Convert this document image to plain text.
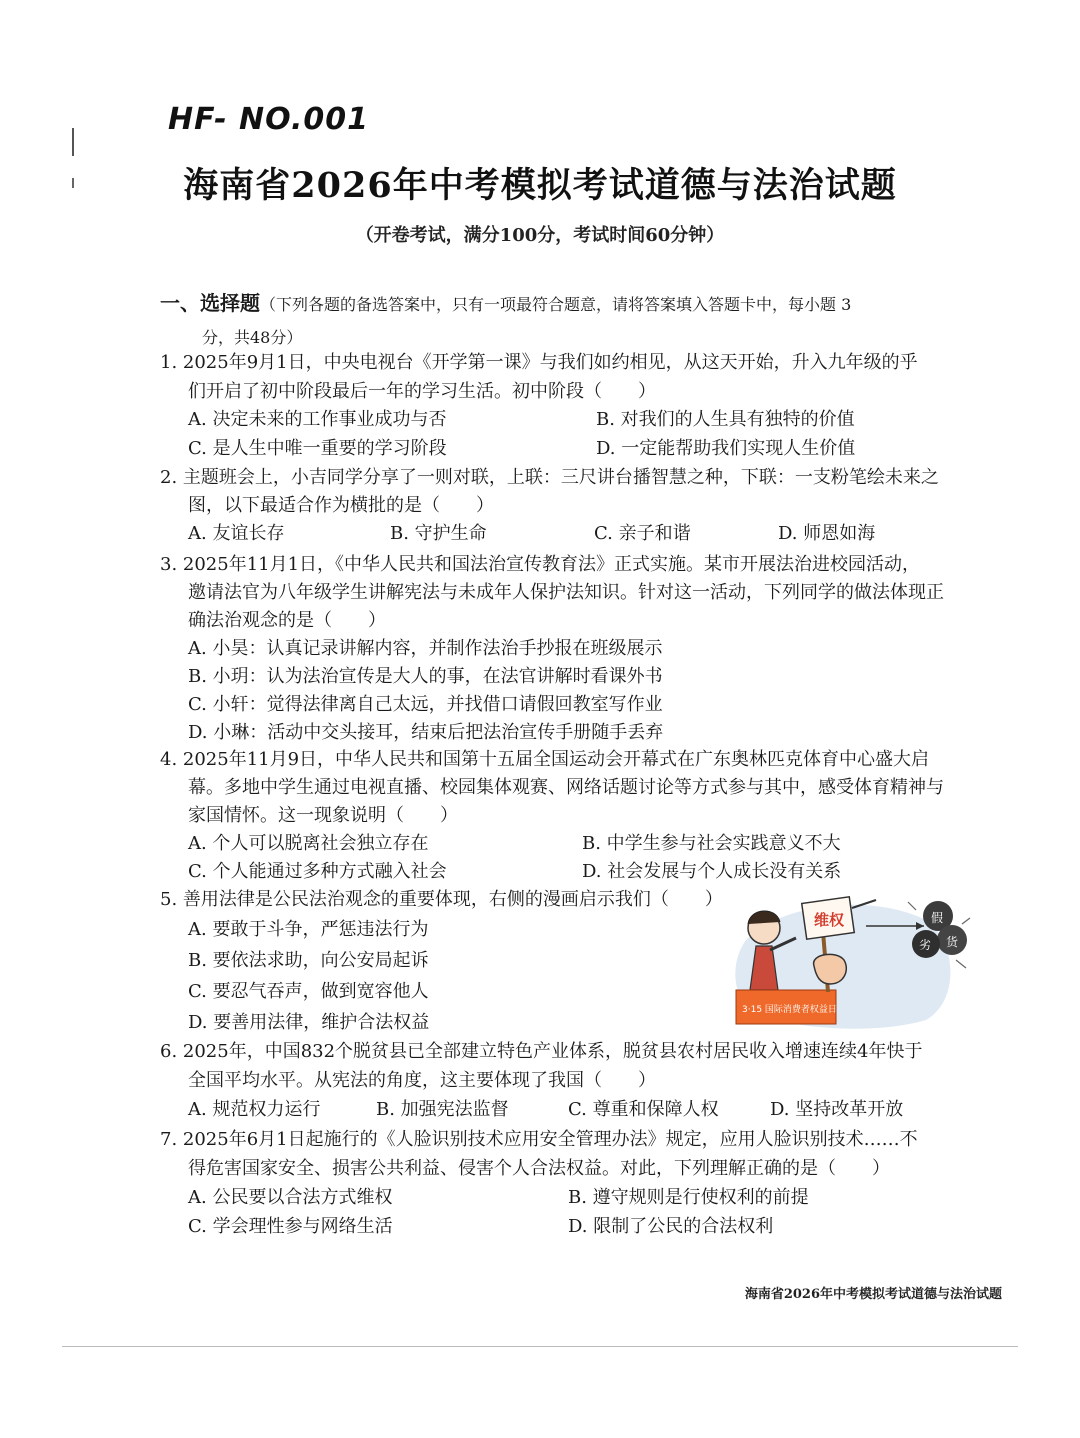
HF- NO.001
海南省2026年中考模拟考试道德与法治试题
（开卷考试，满分100分，考试时间60分钟）
一、选择题（下列各题的备选答案中，只有一项最符合题意，请将答案填入答题卡中，每小题 3
分，共48分）
1. 2025年9月1日，中央电视台《开学第一课》与我们如约相见，从这天开始，升入九年级的乎
们开启了初中阶段最后一年的学习生活。初中阶段（　　）
A. 决定未来的工作事业成功与否	B. 对我们的人生具有独特的价值
C. 是人生中唯一重要的学习阶段	D. 一定能帮助我们实现人生价值
2. 主题班会上，小吉同学分享了一则对联，上联：三尺讲台播智慧之种，下联：一支粉笔绘未来之
图，以下最适合作为横批的是（　　）
A. 友谊长存	B. 守护生命	C. 亲子和谐	D. 师恩如海
3. 2025年11月1日，《中华人民共和国法治宣传教育法》正式实施。某市开展法治进校园活动，
邀请法官为八年级学生讲解宪法与未成年人保护法知识。针对这一活动，下列同学的做法体现正
确法治观念的是（　　）
A. 小昊：认真记录讲解内容，并制作法治手抄报在班级展示
B. 小玥：认为法治宣传是大人的事，在法官讲解时看课外书
C. 小轩：觉得法律离自己太远，并找借口请假回教室写作业
D. 小琳：活动中交头接耳，结束后把法治宣传手册随手丢弃
4. 2025年11月9日，中华人民共和国第十五届全国运动会开幕式在广东奥林匹克体育中心盛大启
幕。多地中学生通过电视直播、校园集体观赛、网络话题讨论等方式参与其中，感受体育精神与
家国情怀。这一现象说明（　　）
A. 个人可以脱离社会独立存在	B. 中学生参与社会实践意义不大
C. 个人能通过多种方式融入社会	D. 社会发展与个人成长没有关系
5. 善用法律是公民法治观念的重要体现，右侧的漫画启示我们（　　）
A. 要敢于斗争，严惩违法行为
B. 要依法求助，向公安局起诉
C. 要忍气吞声，做到宽容他人
D. 要善用法律，维护合法权益
3·15 国际消费者权益日
维权	假
劣 货
6. 2025年，中国832个脱贫县已全部建立特色产业体系，脱贫县农村居民收入增速连续4年快于
全国平均水平。从宪法的角度，这主要体现了我国（　　）
A. 规范权力运行	B. 加强宪法监督	C. 尊重和保障人权	D. 坚持改革开放
7. 2025年6月1日起施行的《人脸识别技术应用安全管理办法》规定，应用人脸识别技术……不
得危害国家安全、损害公共利益、侵害个人合法权益。对此，下列理解正确的是（　　）
A. 公民要以合法方式维权	B. 遵守规则是行使权利的前提
C. 学会理性参与网络生活	D. 限制了公民的合法权利
海南省2026年中考模拟考试道德与法治试题
